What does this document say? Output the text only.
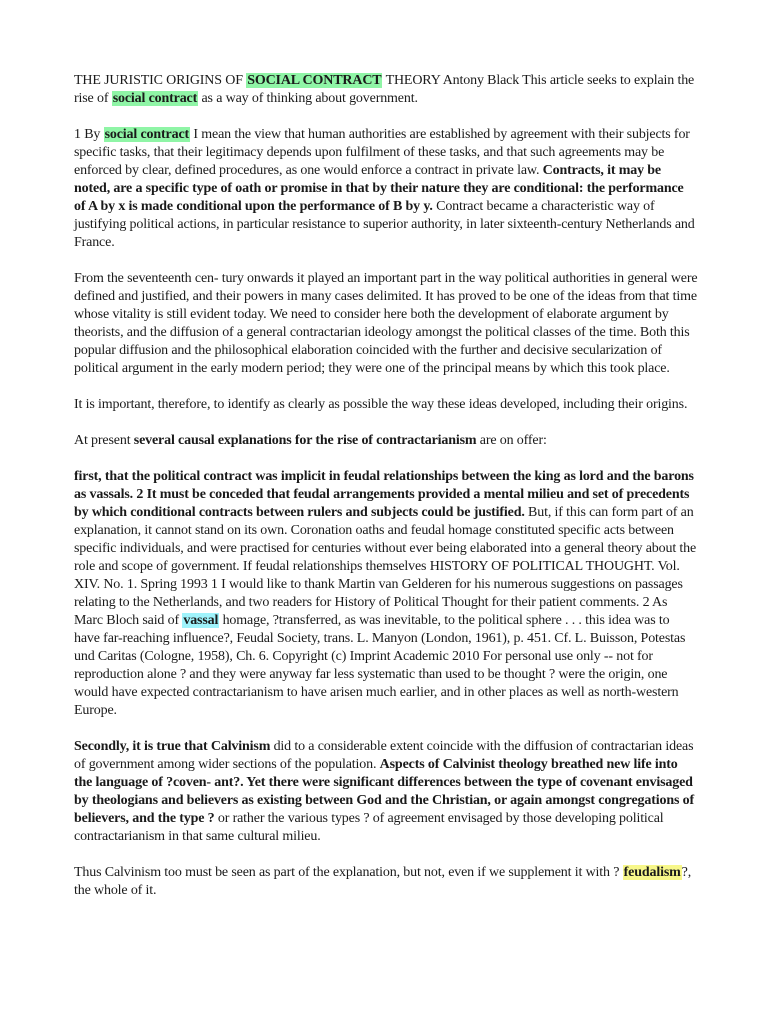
THE JURISTIC ORIGINS OF SOCIAL CONTRACT THEORY Antony Black This article seeks to explain the rise of social contract as a way of thinking about government.

1 By social contract I mean the view that human authorities are established by agreement with their subjects for specific tasks, that their legitimacy depends upon fulfilment of these tasks, and that such agreements may be enforced by clear, defined procedures, as one would enforce a contract in private law. Contracts, it may be noted, are a specific type of oath or promise in that by their nature they are conditional: the performance of A by x is made conditional upon the performance of B by y. Contract became a characteristic way of justifying political actions, in particular resistance to superior authority, in later sixteenth-century Netherlands and France.

From the seventeenth cen- tury onwards it played an important part in the way political authorities in general were defined and justified, and their powers in many cases delimited. It has proved to be one of the ideas from that time whose vitality is still evident today. We need to consider here both the development of elaborate argument by theorists, and the diffusion of a general contractarian ideology amongst the political classes of the time. Both this popular diffusion and the philosophical elaboration coincided with the further and decisive secularization of political argument in the early modern period; they were one of the principal means by which this took place.

It is important, therefore, to identify as clearly as possible the way these ideas developed, including their origins.

At present several causal explanations for the rise of contractarianism are on offer:

first, that the political contract was implicit in feudal relationships between the king as lord and the barons as vassals. 2 It must be conceded that feudal arrangements provided a mental milieu and set of precedents by which conditional contracts between rulers and subjects could be justified. But, if this can form part of an explanation, it cannot stand on its own. Coronation oaths and feudal homage constituted specific acts between specific individuals, and were practised for centuries without ever being elaborated into a general theory about the role and scope of government. If feudal relationships themselves HISTORY OF POLITICAL THOUGHT. Vol. XIV. No. 1. Spring 1993 1 I would like to thank Martin van Gelderen for his numerous suggestions on passages relating to the Netherlands, and two readers for History of Political Thought for their patient comments. 2 As Marc Bloch said of vassal homage, ?transferred, as was inevitable, to the political sphere . . . this idea was to have far-reaching influence?, Feudal Society, trans. L. Manyon (London, 1961), p. 451. Cf. L. Buisson, Potestas und Caritas (Cologne, 1958), Ch. 6. Copyright (c) Imprint Academic 2010 For personal use only -- not for reproduction alone ? and they were anyway far less systematic than used to be thought ? were the origin, one would have expected contractarianism to have arisen much earlier, and in other places as well as north-western Europe.

Secondly, it is true that Calvinism did to a considerable extent coincide with the diffusion of contractarian ideas of government among wider sections of the population. Aspects of Calvinist theology breathed new life into the language of ?coven- ant?. Yet there were significant differences between the type of covenant envisaged by theologians and believers as existing between God and the Christian, or again amongst congregations of believers, and the type ? or rather the various types ? of agreement envisaged by those developing political contractarianism in that same cultural milieu.

Thus Calvinism too must be seen as part of the explanation, but not, even if we supplement it with ? feudalism?, the whole of it.
